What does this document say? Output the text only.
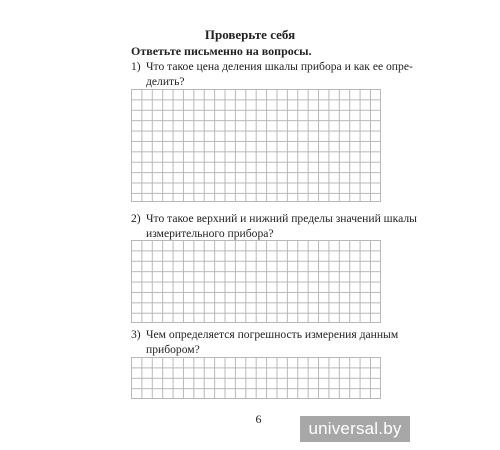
Проверьте себя
Ответьте письменно на вопросы.
1) Что такое цена деления шкалы прибора и как ее опре-
делить?
2) Что такое верхний и нижний пределы значений шкалы
измерительного прибора?
3) Чем определяется погрешность измерения данным
прибором?
6	universal.by
